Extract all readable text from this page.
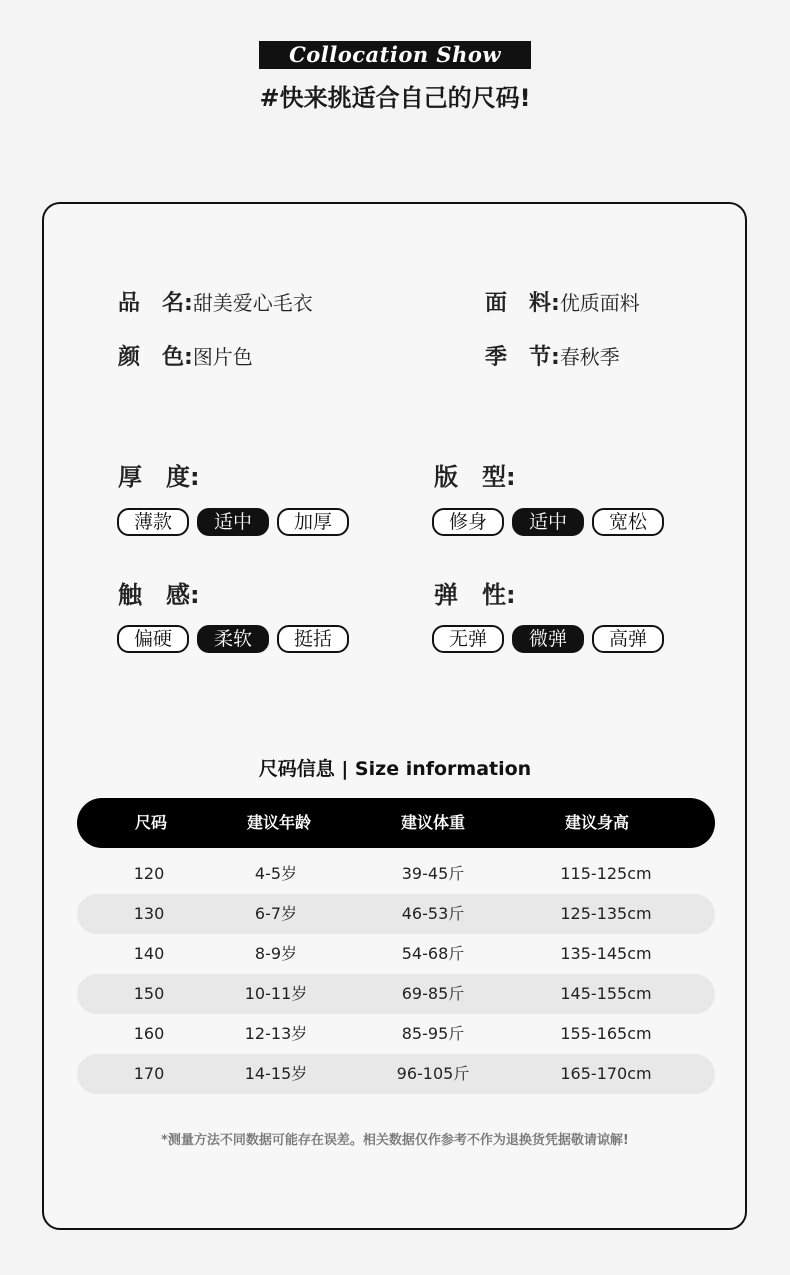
Collocation Show
#快来挑适合自己的尺码!
品　名:甜美爱心毛衣	面　料:优质面料
颜　色:图片色	季　节:春秋季
厚　度:
薄款	适中	加厚
版　型:
修身	适中	宽松
触　感:
偏硬	柔软	挺括
弹　性:
无弹	微弹	高弹
尺码信息 | Size information
尺码	建议年龄	建议体重	建议身高
120	4-5岁	39-45斤	115-125cm
130	6-7岁	46-53斤	125-135cm
140	8-9岁	54-68斤	135-145cm
150	10-11岁	69-85斤	145-155cm
160	12-13岁	85-95斤	155-165cm
170	14-15岁	96-105斤	165-170cm
*测量方法不同数据可能存在误差。相关数据仅作参考不作为退换货凭据敬请谅解!
